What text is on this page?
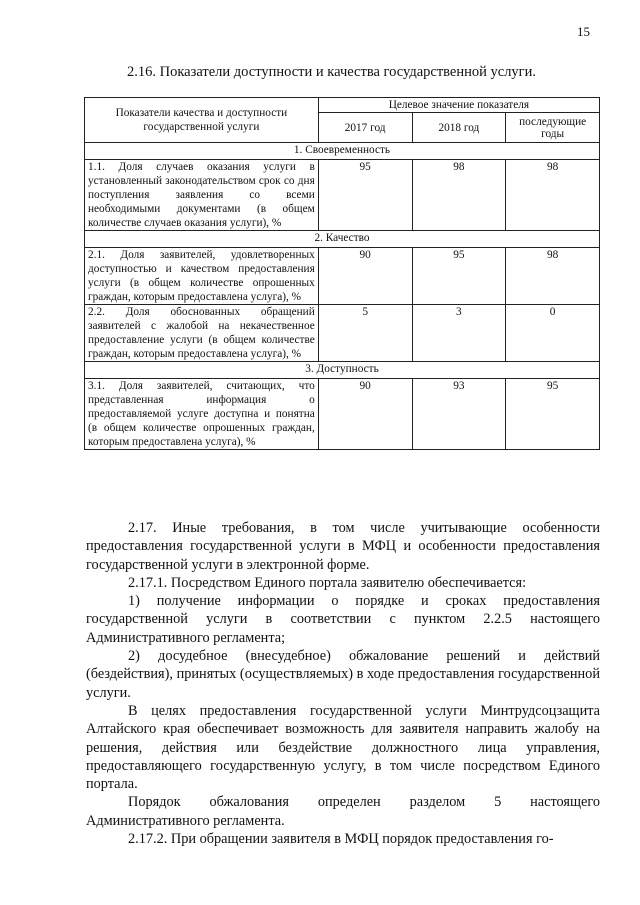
15
2.16. Показатели доступности и качества государственной услуги.
Показатели качества и доступности государственной услуги	Целевое значение показателя		
	2017 год	2018 год	последующие годы
1. Своевременность			
1.1. Доля случаев оказания услуги в установленный законодательством срок со дня поступления заявления со всеми необходимыми документами (в общем количестве случаев оказания услуги), %	95	98	98
2. Качество			
2.1. Доля заявителей, удовлетворенных доступностью и качеством предоставления услуги (в общем количестве опрошенных граждан, которым предоставлена услуга), %	90	95	98
2.2. Доля обоснованных обращений заявителей с жалобой на некачественное предоставление услуги (в общем количестве граждан, которым предоставлена услуга), %	5	3	0
3. Доступность			
3.1. Доля заявителей, считающих, что представленная информация о предоставляемой услуге доступна и понятна (в общем количестве опрошенных граждан, которым предоставлена услуга), %	90	93	95

2.17. Иные требования, в том числе учитывающие особенности предоставления государственной услуги в МФЦ и особенности предоставления государственной услуги в электронной форме.

2.17.1. Посредством Единого портала заявителю обеспечивается:

1) получение информации о порядке и сроках предоставления государственной услуги в соответствии с пунктом 2.2.5 настоящего Административного регламента;

2) досудебное (внесудебное) обжалование решений и действий (бездействия), принятых (осуществляемых) в ходе предоставления государственной услуги.

В целях предоставления государственной услуги Минтрудсоцзащита Алтайского края обеспечивает возможность для заявителя направить жалобу на решения, действия или бездействие должностного лица управления, предоставляющего государственную услугу, в том числе посредством Единого портала.

Порядок обжалования определен разделом 5 настоящего Административного регламента.

2.17.2. При обращении заявителя в МФЦ порядок предоставления го-
